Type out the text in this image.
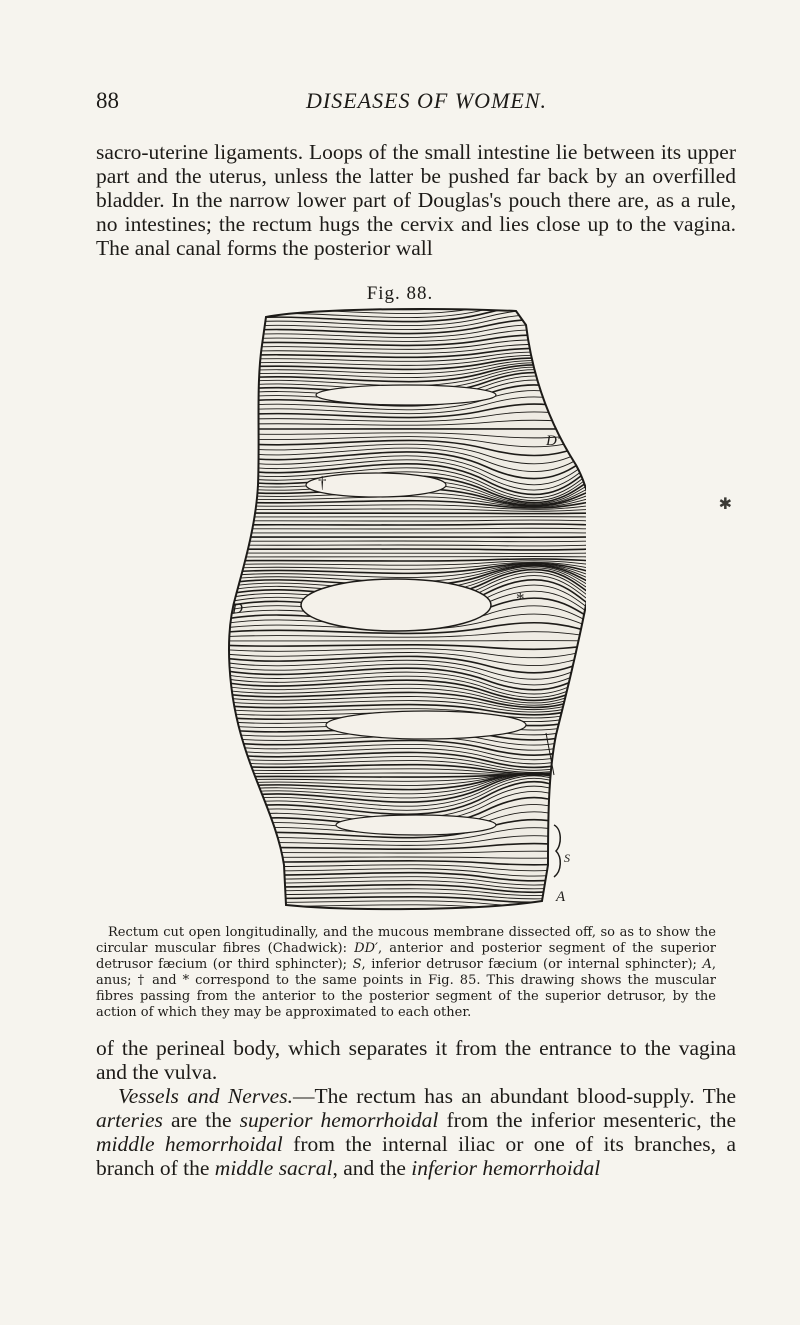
88	DISEASES OF WOMEN.
sacro-uterine ligaments. Loops of the small intestine lie between its upper part and the uterus, unless the latter be pushed far back by an overfilled bladder. In the narrow lower part of Douglas's pouch there are, as a rule, no intestines; the rectum hugs the cervix and lies close up to the vagina. The anal canal forms the posterior wall
Fig. 88.
D′
†
D
*
S
A
Rectum cut open longitudinally, and the mucous membrane dissected off, so as to show the circular muscular fibres (Chadwick): DD′, anterior and posterior segment of the superior detrusor fæcium (or third sphincter); S, inferior detrusor fæcium (or internal sphincter); A, anus; † and * correspond to the same points in Fig. 85. This drawing shows the muscular fibres passing from the anterior to the posterior segment of the superior detrusor, by the action of which they may be approximated to each other.
of the perineal body, which separates it from the entrance to the vagina and the vulva.
Vessels and Nerves.—The rectum has an abundant blood-supply. The arteries are the superior hemorrhoidal from the inferior mesenteric, the middle hemorrhoidal from the internal iliac or one of its branches, a branch of the middle sacral, and the inferior hemorrhoidal
✱
